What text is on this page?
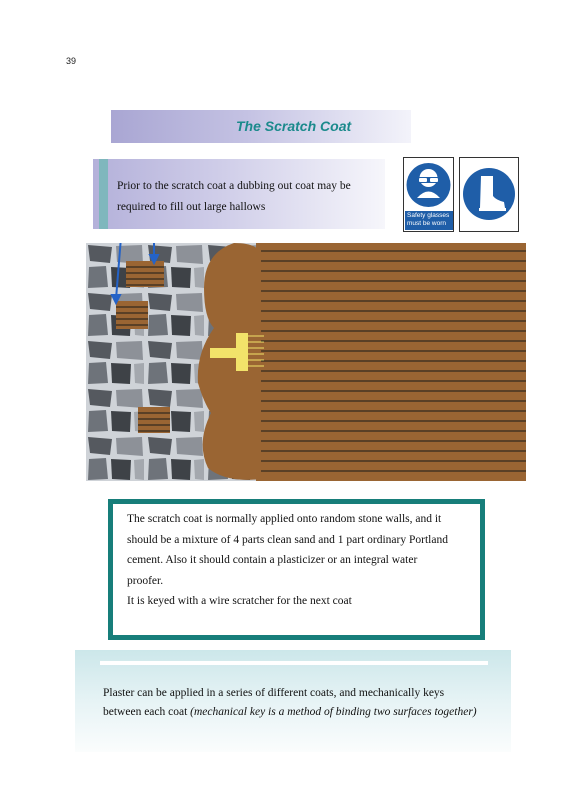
39
The Scratch Coat
Prior to the scratch coat a dubbing out coat may be required to fill out large hallows
Safety glasses
must be worn
The scratch coat is normally applied onto random stone walls, and it
should be a mixture of 4 parts clean sand and 1 part ordinary Portland
cement. Also it should contain a plasticizer or an integral water
proofer.
It is keyed with a wire scratcher for the next coat
Plaster can be applied in a series of different coats, and mechanically keys between each coat (mechanical key is a method of binding two surfaces together)
